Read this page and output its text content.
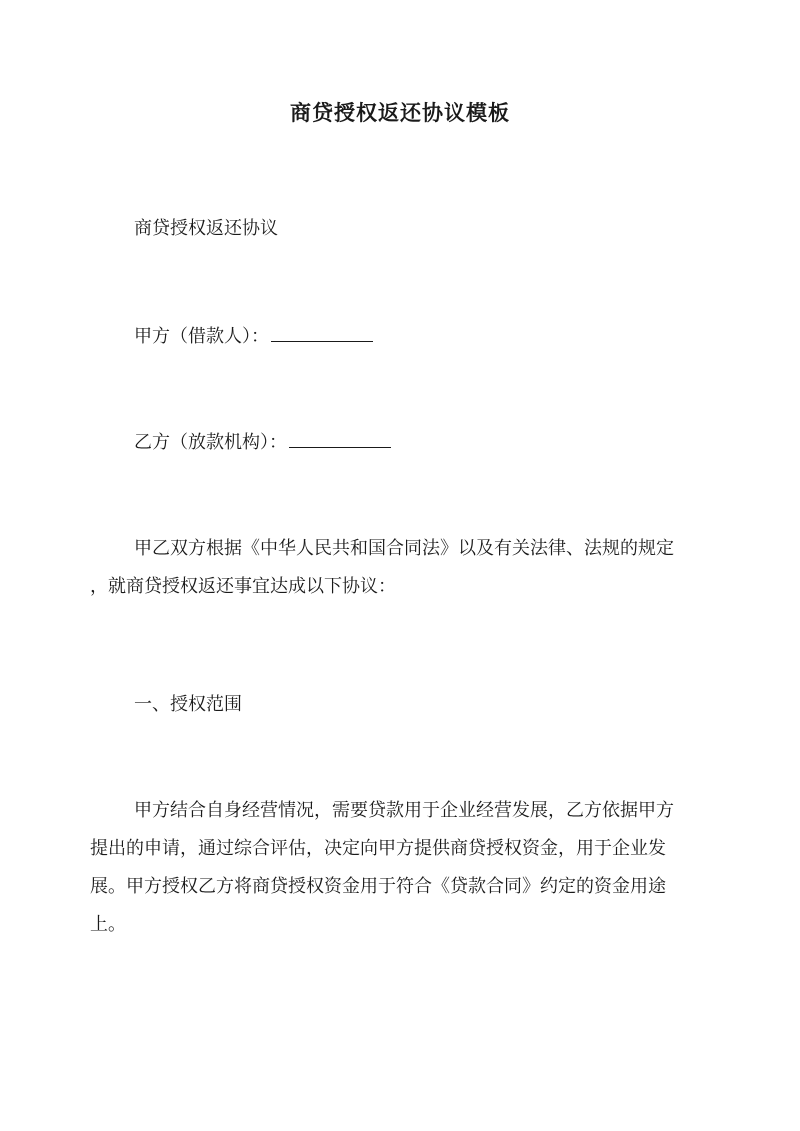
商贷授权返还协议模板
商贷授权返还协议
甲方（借款人）：
乙方（放款机构）：
甲乙双方根据《中华人民共和国合同法》以及有关法律、法规的规定
，就商贷授权返还事宜达成以下协议：
一、授权范围
甲方结合自身经营情况，需要贷款用于企业经营发展，乙方依据甲方
提出的申请，通过综合评估，决定向甲方提供商贷授权资金，用于企业发
展。甲方授权乙方将商贷授权资金用于符合《贷款合同》约定的资金用途
上。
